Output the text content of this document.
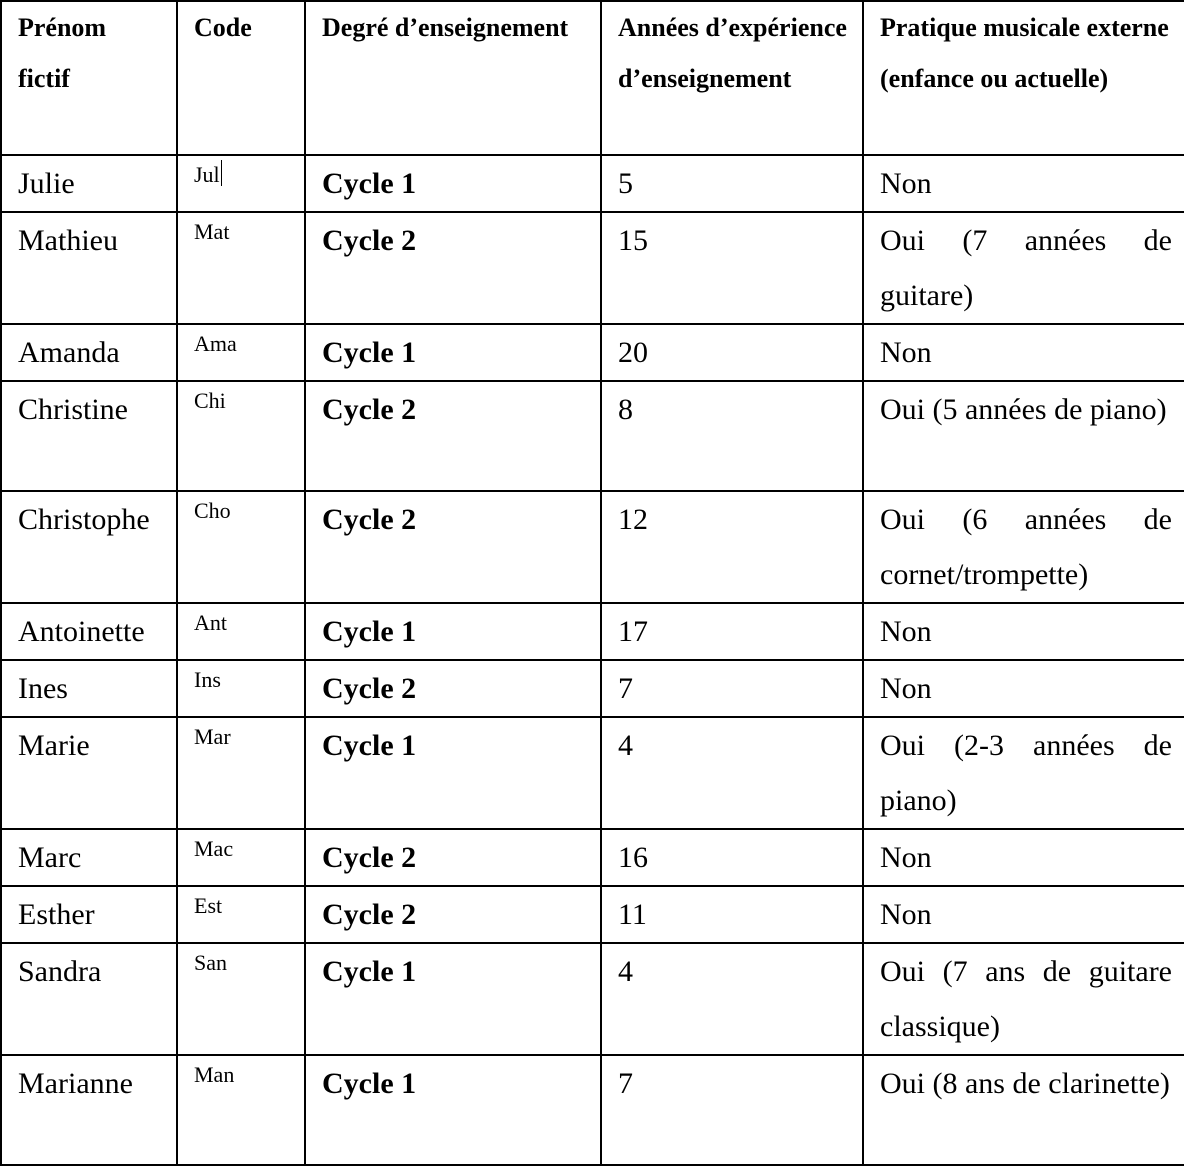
Prénom fictif	Code	Degré d’enseignement	Années d’expérience d’enseignement	Pratique musicale externe (enfance ou actuelle)
Julie	Jul	Cycle 1	5	Non
Mathieu	Mat	Cycle 2	15	Oui (7 années de guitare)
Amanda	Ama	Cycle 1	20	Non
Christine	Chi	Cycle 2	8	Oui (5 années de piano)
Christophe	Cho	Cycle 2	12	Oui (6 années de cornet/trompette)
Antoinette	Ant	Cycle 1	17	Non
Ines	Ins	Cycle 2	7	Non
Marie	Mar	Cycle 1	4	Oui (2-3 années de piano)
Marc	Mac	Cycle 2	16	Non
Esther	Est	Cycle 2	11	Non
Sandra	San	Cycle 1	4	Oui (7 ans de guitare classique)
Marianne	Man	Cycle 1	7	Oui (8 ans de clarinette)
